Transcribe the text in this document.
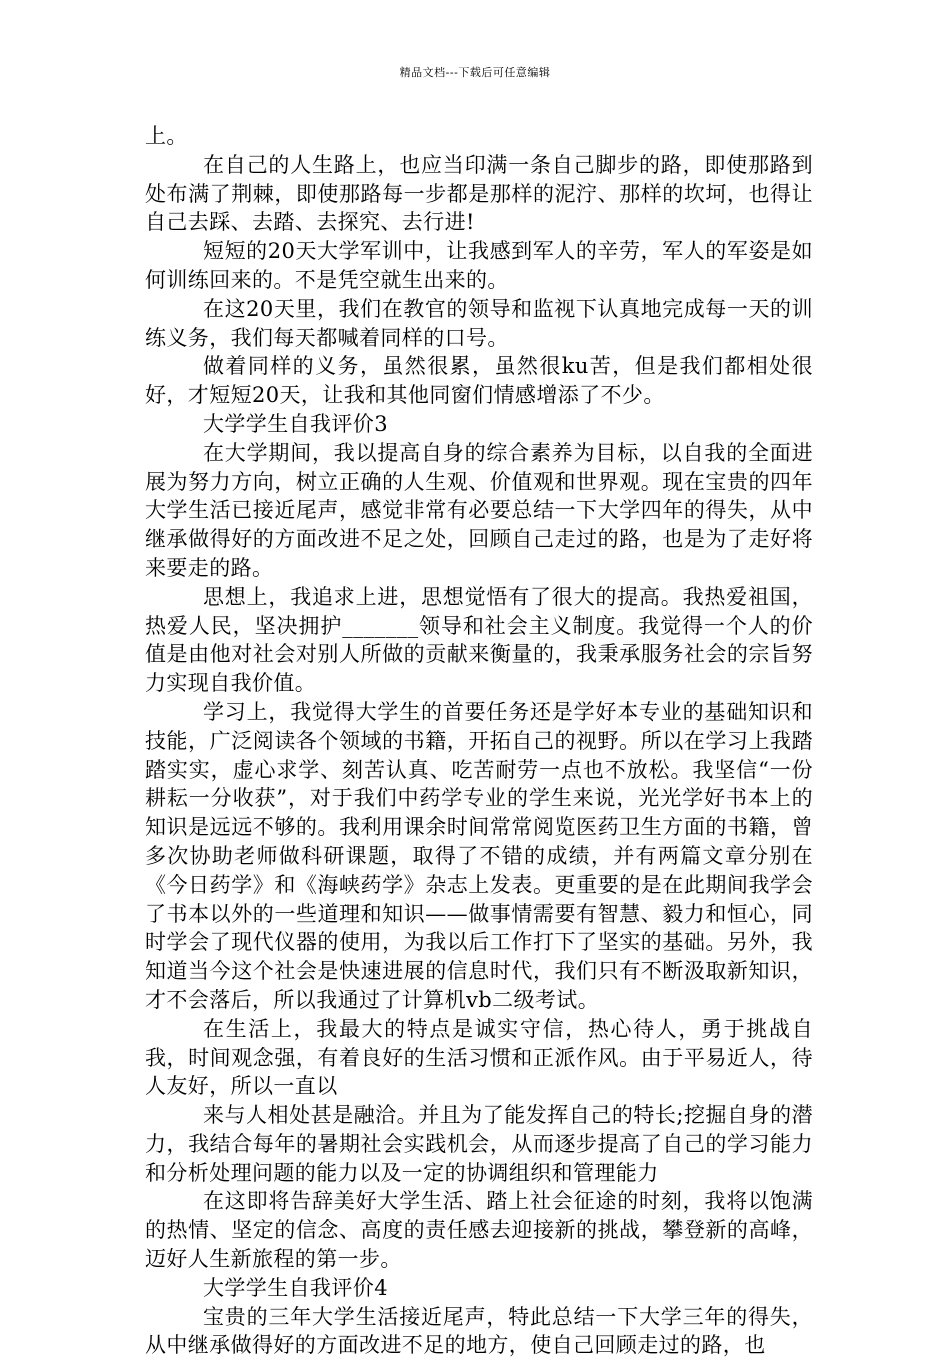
精品文档---下载后可任意编辑

上。

在自己的人生路上，也应当印满一条自己脚步的路，即使那路到处布满了荆棘，即使那路每一步都是那样的泥泞、那样的坎坷，也得让自己去踩、去踏、去探究、去行进!

短短的20天大学军训中，让我感到军人的辛劳，军人的军姿是如何训练回来的。不是凭空就生出来的。

在这20天里，我们在教官的领导和监视下认真地完成每一天的训练义务，我们每天都喊着同样的口号。

做着同样的义务，虽然很累，虽然很ku苦，但是我们都相处很好，才短短20天，让我和其他同窗们情感增添了不少。

大学学生自我评价3

在大学期间，我以提高自身的综合素养为目标，以自我的全面进展为努力方向，树立正确的人生观、价值观和世界观。现在宝贵的四年大学生活已接近尾声，感觉非常有必要总结一下大学四年的得失，从中继承做得好的方面改进不足之处，回顾自己走过的路，也是为了走好将来要走的路。

思想上，我追求上进，思想觉悟有了很大的提高。我热爱祖国，热爱人民，坚决拥护_______领导和社会主义制度。我觉得一个人的价值是由他对社会对别人所做的贡献来衡量的，我秉承服务社会的宗旨努力实现自我价值。

学习上，我觉得大学生的首要任务还是学好本专业的基础知识和技能，广泛阅读各个领域的书籍，开拓自己的视野。所以在学习上我踏踏实实，虚心求学、刻苦认真、吃苦耐劳一点也不放松。我坚信“一份耕耘一分收获”，对于我们中药学专业的学生来说，光光学好书本上的知识是远远不够的。我利用课余时间常常阅览医药卫生方面的书籍，曾多次协助老师做科研课题，取得了不错的成绩，并有两篇文章分别在《今日药学》和《海峡药学》杂志上发表。更重要的是在此期间我学会了书本以外的一些道理和知识——做事情需要有智慧、毅力和恒心，同时学会了现代仪器的使用，为我以后工作打下了坚实的基础。另外，我知道当今这个社会是快速进展的信息时代，我们只有不断汲取新知识，才不会落后，所以我通过了计算机vb二级考试。

在生活上，我最大的特点是诚实守信，热心待人，勇于挑战自我，时间观念强，有着良好的生活习惯和正派作风。由于平易近人，待人友好，所以一直以

来与人相处甚是融洽。并且为了能发挥自己的特长;挖掘自身的潜力，我结合每年的暑期社会实践机会，从而逐步提高了自己的学习能力和分析处理问题的能力以及一定的协调组织和管理能力

在这即将告辞美好大学生活、踏上社会征途的时刻，我将以饱满的热情、坚定的信念、高度的责任感去迎接新的挑战，攀登新的高峰，迈好人生新旅程的第一步。

大学学生自我评价4

宝贵的三年大学生活接近尾声，特此总结一下大学三年的得失，从中继承做得好的方面改进不足的地方，使自己回顾走过的路，也
